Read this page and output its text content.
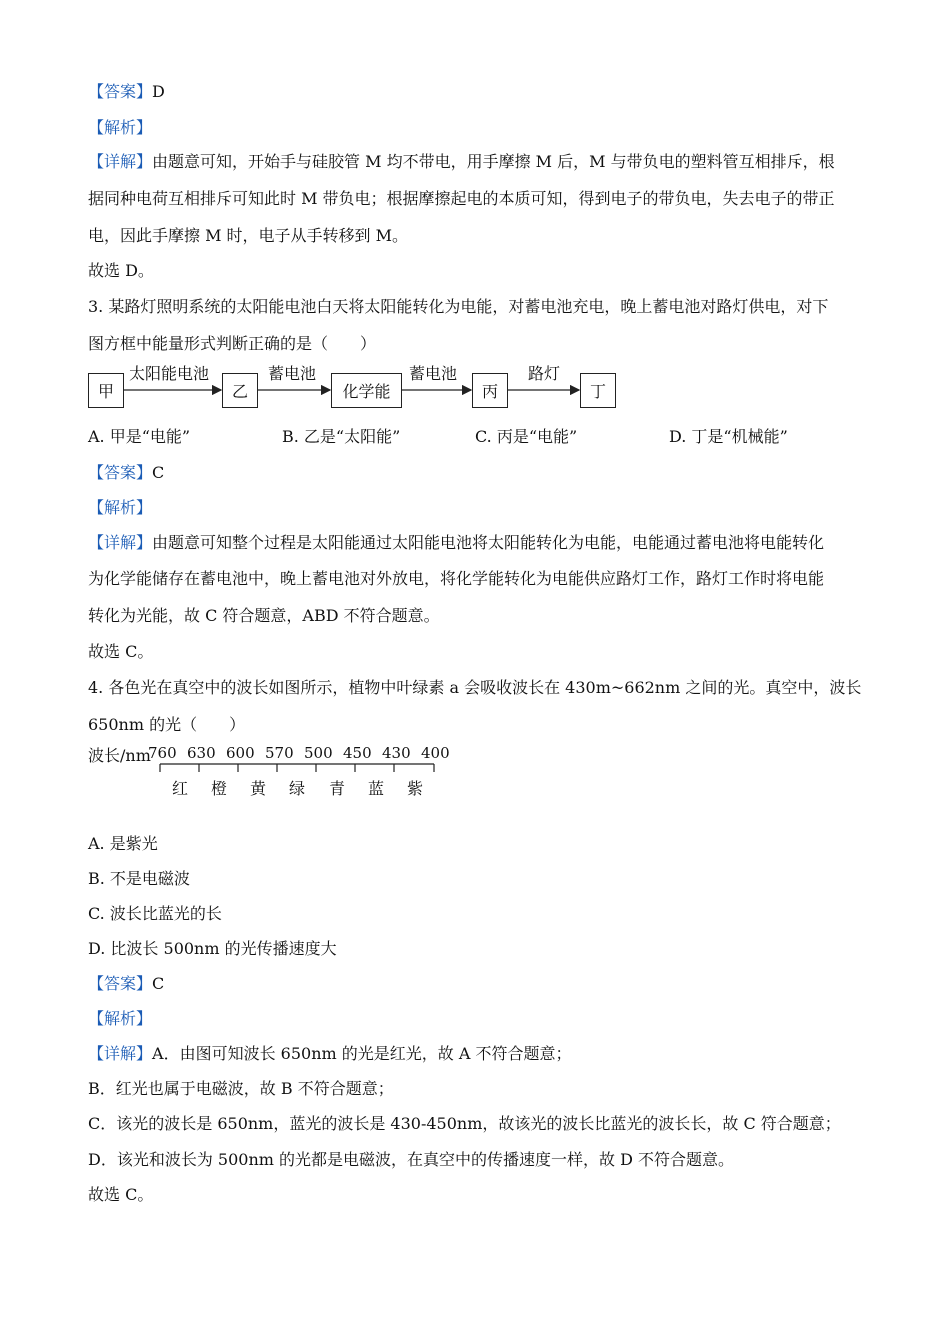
【答案】D
【解析】
【详解】由题意可知，开始手与硅胶管 M 均不带电，用手摩擦 M 后，M 与带负电的塑料管互相排斥，根
据同种电荷互相排斥可知此时 M 带负电；根据摩擦起电的本质可知，得到电子的带负电，失去电子的带正
电，因此手摩擦 M 时，电子从手转移到 M。
故选 D。
3. 某路灯照明系统的太阳能电池白天将太阳能转化为电能，对蓄电池充电，晚上蓄电池对路灯供电，对下
图方框中能量形式判断正确的是（　　）
甲	乙	化学能	丙	丁
太阳能电池	蓄电池	蓄电池	路灯
A. 甲是“电能”	B. 乙是“太阳能”	C. 丙是“电能”	D. 丁是“机械能”
【答案】C
【解析】
【详解】由题意可知整个过程是太阳能通过太阳能电池将太阳能转化为电能，电能通过蓄电池将电能转化
为化学能储存在蓄电池中，晚上蓄电池对外放电，将化学能转化为电能供应路灯工作，路灯工作时将电能
转化为光能，故 C 符合题意，ABD 不符合题意。
故选 C。
4. 各色光在真空中的波长如图所示，植物中叶绿素 a 会吸收波长在 430m~662nm 之间的光。真空中，波长
650nm 的光（　　）
波长/nm
760 630 600 570 500 450 430 400
红 橙 黄 绿 青 蓝 紫
A. 是紫光
B. 不是电磁波
C. 波长比蓝光的长
D. 比波长 500nm 的光传播速度大
【答案】C
【解析】
【详解】A．由图可知波长 650nm 的光是红光，故 A 不符合题意；
B．红光也属于电磁波，故 B 不符合题意；
C．该光的波长是 650nm，蓝光的波长是 430-450nm，故该光的波长比蓝光的波长长，故 C 符合题意；
D．该光和波长为 500nm 的光都是电磁波，在真空中的传播速度一样，故 D 不符合题意。
故选 C。
